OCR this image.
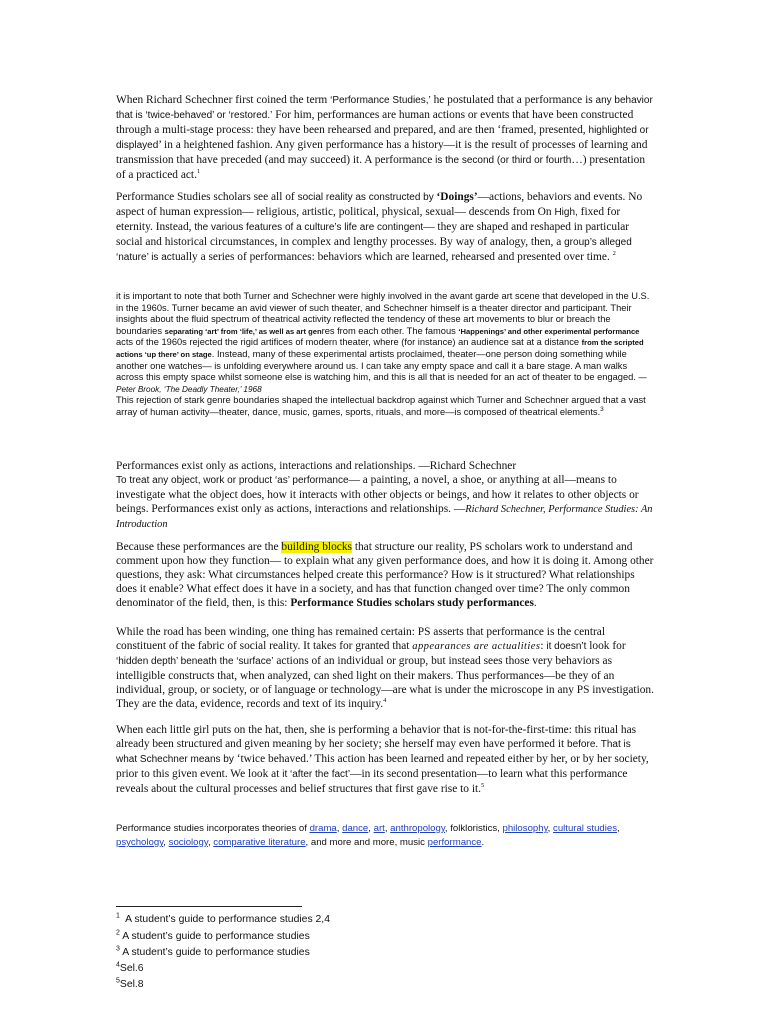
When Richard Schechner first coined the term ‘Performance Studies,’ he postulated that a performance is any behavior that is ‘twice-behaved’ or ‘restored.’ For him, performances are human actions or events that have been constructed through a multi-stage process: they have been rehearsed and prepared, and are then ‘framed, presented, highlighted or displayed’ in a heightened fashion. Any given performance has a history—it is the result of processes of learning and transmission that have preceded (and may succeed) it. A performance is the second (or third or fourth…) presentation of a practiced act.$^1$

Performance Studies scholars see all of social reality as constructed by ‘Doings’—actions, behaviors and events. No aspect of human expression— religious, artistic, political, physical, sexual— descends from On High, fixed for eternity. Instead, the various features of a culture’s life are contingent— they are shaped and reshaped in particular social and historical circumstances, in complex and lengthy processes. By way of analogy, then, a group’s alleged ‘nature’ is actually a series of performances: behaviors which are learned, rehearsed and presented over time. $^2$

it is important to note that both Turner and Schechner were highly involved in the avant garde art scene that developed in the U.S. in the 1960s. Turner became an avid viewer of such theater, and Schechner himself is a theater director and participant. Their insights about the fluid spectrum of theatrical activity reflected the tendency of these art movements to blur or breach the boundaries separating ‘art’ from ‘life,’ as well as art genres from each other. The famous ‘Happenings’ and other experimental performance acts of the 1960s rejected the rigid artifices of modern theater, where (for instance) an audience sat at a distance from the scripted actions ‘up there’ on stage. Instead, many of these experimental artists proclaimed, theater—one person doing something while another one watches— is unfolding everywhere around us. I can take any empty space and call it a bare stage. A man walks across this empty space whilst someone else is watching him, and this is all that is needed for an act of theater to be engaged. —Peter Brook, ‘The Deadly Theater,’ 1968
This rejection of stark genre boundaries shaped the intellectual backdrop against which Turner and Schechner argued that a vast array of human activity—theater, dance, music, games, sports, rituals, and more—is composed of theatrical elements.$^3$

Performances exist only as actions, interactions and relationships. —Richard Schechner
To treat any object, work or product ‘as’ performance— a painting, a novel, a shoe, or anything at all—means to investigate what the object does, how it interacts with other objects or beings, and how it relates to other objects or beings. Performances exist only as actions, interactions and relationships. —Richard Schechner, Performance Studies: An Introduction

Because these performances are the building blocks that structure our reality, PS scholars work to understand and comment upon how they function— to explain what any given performance does, and how it is doing it. Among other questions, they ask: What circumstances helped create this performance? How is it structured? What relationships does it enable? What effect does it have in a society, and has that function changed over time? The only common denominator of the field, then, is this: Performance Studies scholars study performances.

While the road has been winding, one thing has remained certain: PS asserts that performance is the central constituent of the fabric of social reality. It takes for granted that appearances are actualities: it doesn’t look for ‘hidden depth’ beneath the ‘surface’ actions of an individual or group, but instead sees those very behaviors as intelligible constructs that, when analyzed, can shed light on their makers. Thus performances—be they of an individual, group, or society, or of language or technology—are what is under the microscope in any PS investigation. They are the data, evidence, records and text of its inquiry.$^4$

When each little girl puts on the hat, then, she is performing a behavior that is not-for-the-first-time: this ritual has already been structured and given meaning by her society; she herself may even have performed it before. That is what Schechner means by ‘twice behaved.’ This action has been learned and repeated either by her, or by her society, prior to this given event. We look at it ‘after the fact’—in its second presentation—to learn what this performance reveals about the cultural processes and belief structures that first gave rise to it.$^5$

Performance studies incorporates theories of drama, dance, art, anthropology, folkloristics, philosophy, cultural studies, psychology, sociology, comparative literature, and more and more, music performance.

$^1$ A student’s guide to performance studies 2,4
$^2$ A student’s guide to performance studies
$^3$ A student’s guide to performance studies
$^4$Sel.6
$^5$Sel.8
